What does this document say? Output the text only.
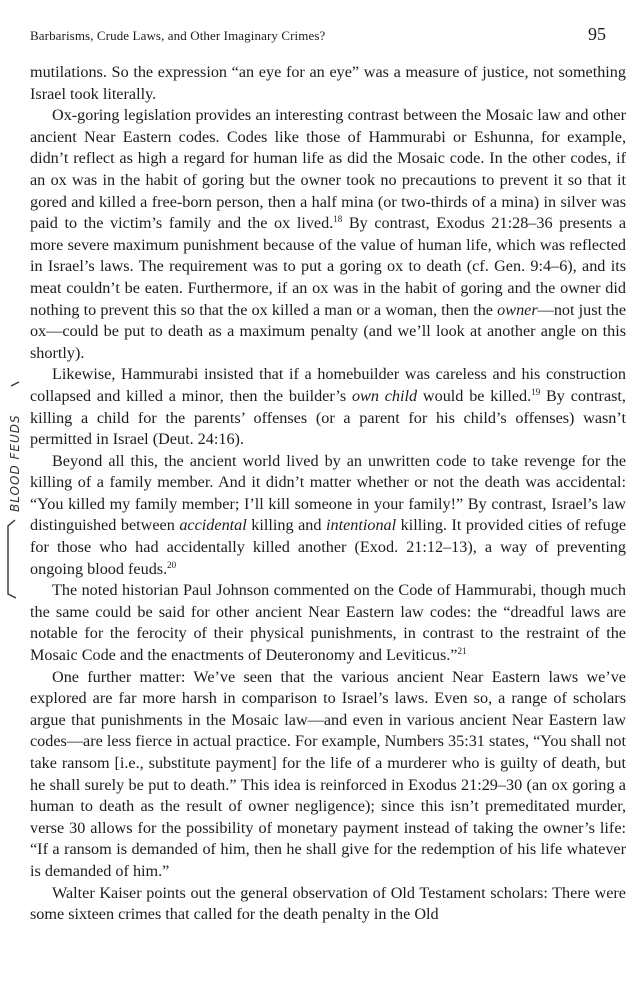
Barbarisms, Crude Laws, and Other Imaginary Crimes?	95
BLOOD FEUDS

mutilations. So the expression “an eye for an eye” was a measure of justice, not something Israel took literally.

Ox-goring legislation provides an interesting contrast between the Mosaic law and other ancient Near Eastern codes. Codes like those of Hammurabi or Eshunna, for example, didn’t reflect as high a regard for human life as did the Mosaic code. In the other codes, if an ox was in the habit of goring but the owner took no precautions to prevent it so that it gored and killed a free-born person, then a half mina (or two-thirds of a mina) in silver was paid to the victim’s family and the ox lived.$^{18}$ By contrast, Exodus 21:28–36 presents a more severe maximum punishment because of the value of human life, which was reflected in Israel’s laws. The requirement was to put a goring ox to death (cf. Gen. 9:4–6), and its meat couldn’t be eaten. Furthermore, if an ox was in the habit of goring and the owner did nothing to prevent this so that the ox killed a man or a woman, then the owner—not just the ox—could be put to death as a maximum penalty (and we’ll look at another angle on this shortly).

Likewise, Hammurabi insisted that if a homebuilder was careless and his construction collapsed and killed a minor, then the builder’s own child would be killed.$^{19}$ By contrast, killing a child for the parents’ offenses (or a parent for his child’s offenses) wasn’t permitted in Israel (Deut. 24:16).

Beyond all this, the ancient world lived by an unwritten code to take revenge for the killing of a family member. And it didn’t matter whether or not the death was accidental: “You killed my family member; I’ll kill someone in your family!” By contrast, Israel’s law distinguished between accidental killing and intentional killing. It provided cities of refuge for those who had accidentally killed another (Exod. 21:12–13), a way of preventing ongoing blood feuds.$^{20}$

The noted historian Paul Johnson commented on the Code of Hammurabi, though much the same could be said for other ancient Near Eastern law codes: the “dreadful laws are notable for the ferocity of their physical punishments, in contrast to the restraint of the Mosaic Code and the enactments of Deuteronomy and Leviticus.”$^{21}$

One further matter: We’ve seen that the various ancient Near Eastern laws we’ve explored are far more harsh in comparison to Israel’s laws. Even so, a range of scholars argue that punishments in the Mosaic law—and even in various ancient Near Eastern law codes—are less fierce in actual practice. For example, Numbers 35:31 states, “You shall not take ransom [i.e., substitute payment] for the life of a murderer who is guilty of death, but he shall surely be put to death.” This idea is reinforced in Exodus 21:29–30 (an ox goring a human to death as the result of owner negligence); since this isn’t premeditated murder, verse 30 allows for the possibility of monetary payment instead of taking the owner’s life: “If a ransom is demanded of him, then he shall give for the redemption of his life whatever is demanded of him.”

Walter Kaiser points out the general observation of Old Testament scholars: There were some sixteen crimes that called for the death penalty in the Old
